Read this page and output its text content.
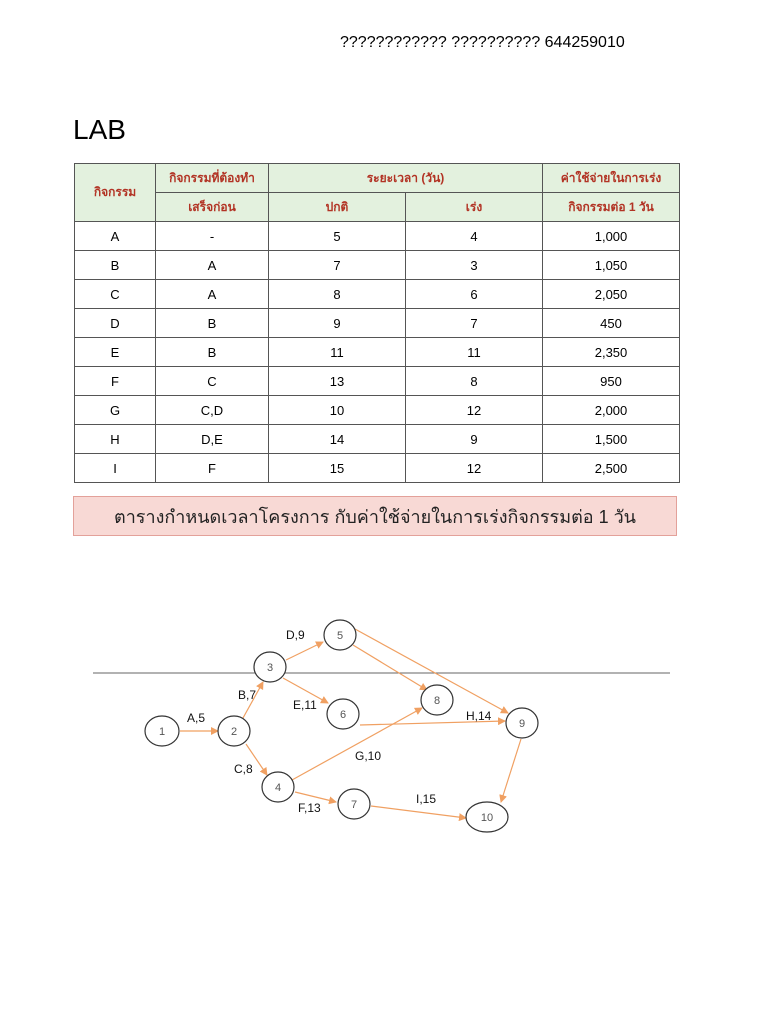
???????????? ?????????? 644259010
LAB
กิจกรรม	กิจกรรมที่ต้องทำ	ระยะเวลา (วัน)		ค่าใช้จ่ายในการเร่ง
	เสร็จก่อน	ปกติ	เร่ง	กิจกรรมต่อ 1 วัน
A	-	5	4	1,000
B	A	7	3	1,050
C	A	8	6	2,050
D	B	9	7	450
E	B	11	11	2,350
F	C	13	8	950
G	C,D	10	12	2,000
H	D,E	14	9	1,500
I	F	15	12	2,500
ตารางกำหนดเวลาโครงการ กับค่าใช้จ่ายในการเร่งกิจกรรมต่อ 1 วัน
1	2
3
4
5
6
7
8
9
10
A,5
B,7
C,8
D,9
E,11
F,13
G,10
H,14
I,15
